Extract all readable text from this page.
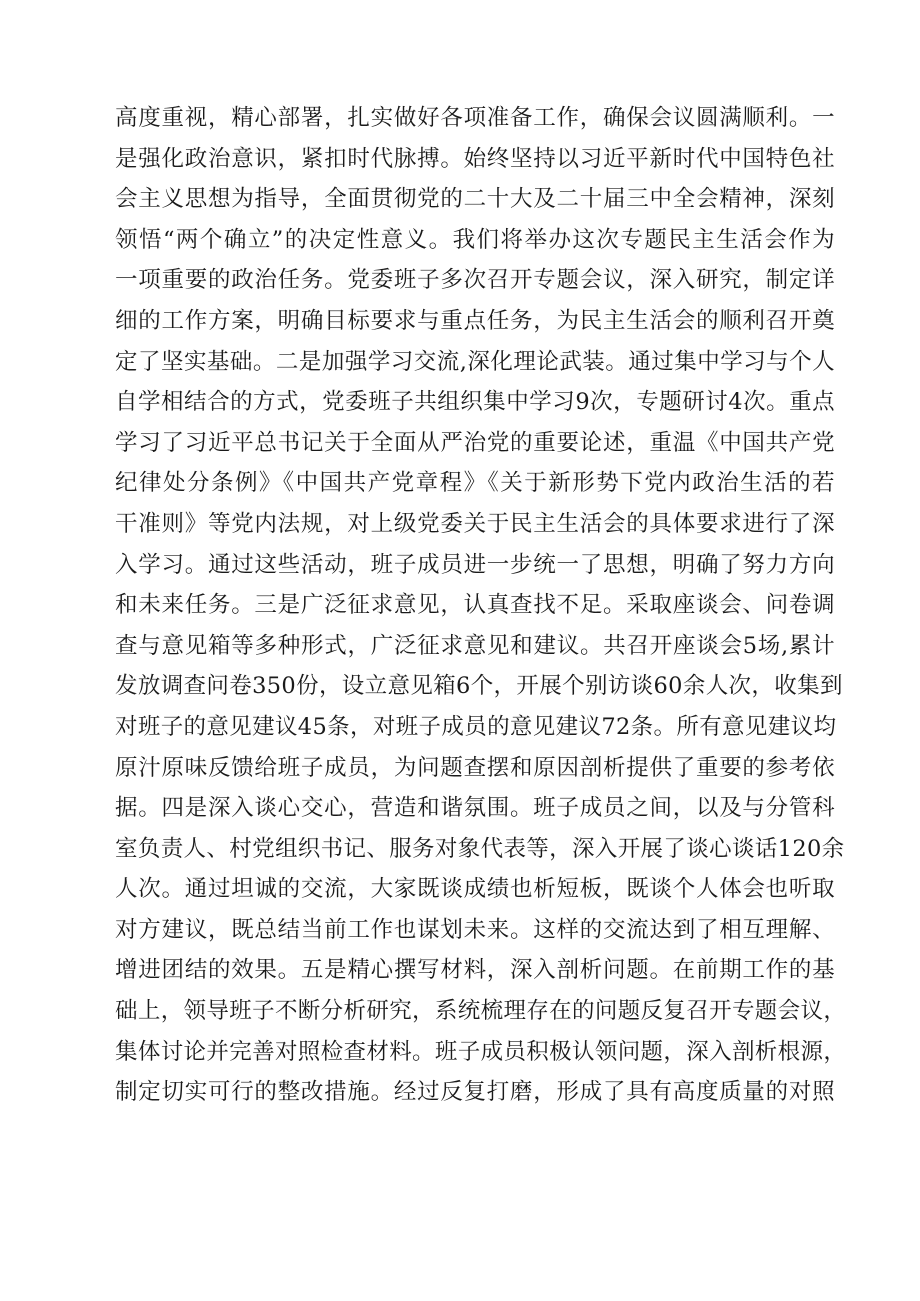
高度重视，精心部署，扎实做好各项准备工作，确保会议圆满顺利。一
是强化政治意识，紧扣时代脉搏。始终坚持以习近平新时代中国特色社
会主义思想为指导，全面贯彻党的二十大及二十届三中全会精神，深刻
领悟“两个确立”的决定性意义。我们将举办这次专题民主生活会作为
一项重要的政治任务。党委班子多次召开专题会议，深入研究，制定详
细的工作方案，明确目标要求与重点任务，为民主生活会的顺利召开奠
定了坚实基础。二是加强学习交流,深化理论武装。通过集中学习与个人
自学相结合的方式，党委班子共组织集中学习9次，专题研讨4次。重点
学习了习近平总书记关于全面从严治党的重要论述，重温《中国共产党
纪律处分条例》《中国共产党章程》《关于新形势下党内政治生活的若
干准则》等党内法规，对上级党委关于民主生活会的具体要求进行了深
入学习。通过这些活动，班子成员进一步统一了思想，明确了努力方向
和未来任务。三是广泛征求意见，认真查找不足。采取座谈会、问卷调
查与意见箱等多种形式，广泛征求意见和建议。共召开座谈会5场,累计
发放调查问卷350份，设立意见箱6个，开展个别访谈60余人次，收集到
对班子的意见建议45条，对班子成员的意见建议72条。所有意见建议均
原汁原味反馈给班子成员，为问题查摆和原因剖析提供了重要的参考依
据。四是深入谈心交心，营造和谐氛围。班子成员之间，以及与分管科
室负责人、村党组织书记、服务对象代表等，深入开展了谈心谈话120余
人次。通过坦诚的交流，大家既谈成绩也析短板，既谈个人体会也听取
对方建议，既总结当前工作也谋划未来。这样的交流达到了相互理解、
增进团结的效果。五是精心撰写材料，深入剖析问题。在前期工作的基
础上，领导班子不断分析研究，系统梳理存在的问题反复召开专题会议，
集体讨论并完善对照检查材料。班子成员积极认领问题，深入剖析根源，
制定切实可行的整改措施。经过反复打磨，形成了具有高度质量的对照
